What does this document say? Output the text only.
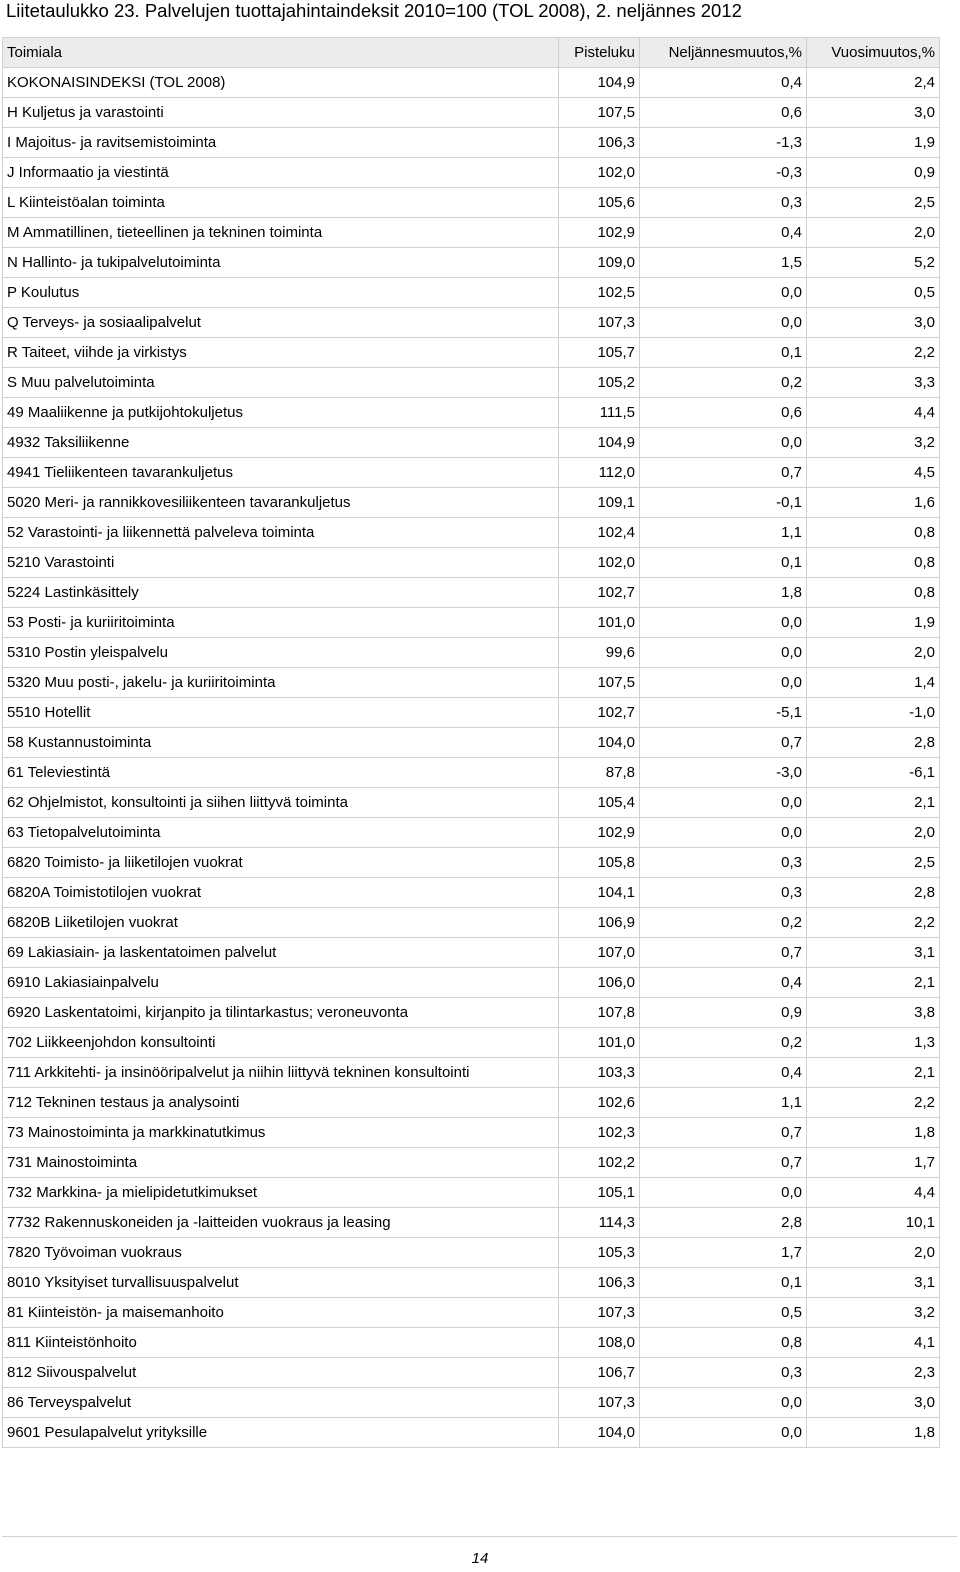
Liitetaulukko 23. Palvelujen tuottajahintaindeksit 2010=100 (TOL 2008), 2. neljännes 2012
Toimiala	Pisteluku	Neljännesmuutos,%	Vuosimuutos,%
KOKONAISINDEKSI (TOL 2008)	104,9	0,4	2,4
H Kuljetus ja varastointi	107,5	0,6	3,0
I Majoitus- ja ravitsemistoiminta	106,3	-1,3	1,9
J Informaatio ja viestintä	102,0	-0,3	0,9
L Kiinteistöalan toiminta	105,6	0,3	2,5
M Ammatillinen, tieteellinen ja tekninen toiminta	102,9	0,4	2,0
N Hallinto- ja tukipalvelutoiminta	109,0	1,5	5,2
P Koulutus	102,5	0,0	0,5
Q Terveys- ja sosiaalipalvelut	107,3	0,0	3,0
R Taiteet, viihde ja virkistys	105,7	0,1	2,2
S Muu palvelutoiminta	105,2	0,2	3,3
49 Maaliikenne ja putkijohtokuljetus	111,5	0,6	4,4
4932 Taksiliikenne	104,9	0,0	3,2
4941 Tieliikenteen tavarankuljetus	112,0	0,7	4,5
5020 Meri- ja rannikkovesiliikenteen tavarankuljetus	109,1	-0,1	1,6
52 Varastointi- ja liikennettä palveleva toiminta	102,4	1,1	0,8
5210 Varastointi	102,0	0,1	0,8
5224 Lastinkäsittely	102,7	1,8	0,8
53 Posti- ja kuriiritoiminta	101,0	0,0	1,9
5310 Postin yleispalvelu	99,6	0,0	2,0
5320 Muu posti-, jakelu- ja kuriiritoiminta	107,5	0,0	1,4
5510 Hotellit	102,7	-5,1	-1,0
58 Kustannustoiminta	104,0	0,7	2,8
61 Televiestintä	87,8	-3,0	-6,1
62 Ohjelmistot, konsultointi ja siihen liittyvä toiminta	105,4	0,0	2,1
63 Tietopalvelutoiminta	102,9	0,0	2,0
6820 Toimisto- ja liiketilojen vuokrat	105,8	0,3	2,5
6820A Toimistotilojen vuokrat	104,1	0,3	2,8
6820B Liiketilojen vuokrat	106,9	0,2	2,2
69 Lakiasiain- ja laskentatoimen palvelut	107,0	0,7	3,1
6910 Lakiasiainpalvelu	106,0	0,4	2,1
6920 Laskentatoimi, kirjanpito ja tilintarkastus; veroneuvonta	107,8	0,9	3,8
702 Liikkeenjohdon konsultointi	101,0	0,2	1,3
711 Arkkitehti- ja insinööripalvelut ja niihin liittyvä tekninen konsultointi	103,3	0,4	2,1
712 Tekninen testaus ja analysointi	102,6	1,1	2,2
73 Mainostoiminta ja markkinatutkimus	102,3	0,7	1,8
731 Mainostoiminta	102,2	0,7	1,7
732 Markkina- ja mielipidetutkimukset	105,1	0,0	4,4
7732 Rakennuskoneiden ja -laitteiden vuokraus ja leasing	114,3	2,8	10,1
7820 Työvoiman vuokraus	105,3	1,7	2,0
8010 Yksityiset turvallisuuspalvelut	106,3	0,1	3,1
81 Kiinteistön- ja maisemanhoito	107,3	0,5	3,2
811 Kiinteistönhoito	108,0	0,8	4,1
812 Siivouspalvelut	106,7	0,3	2,3
86 Terveyspalvelut	107,3	0,0	3,0
9601 Pesulapalvelut yrityksille	104,0	0,0	1,8
14
